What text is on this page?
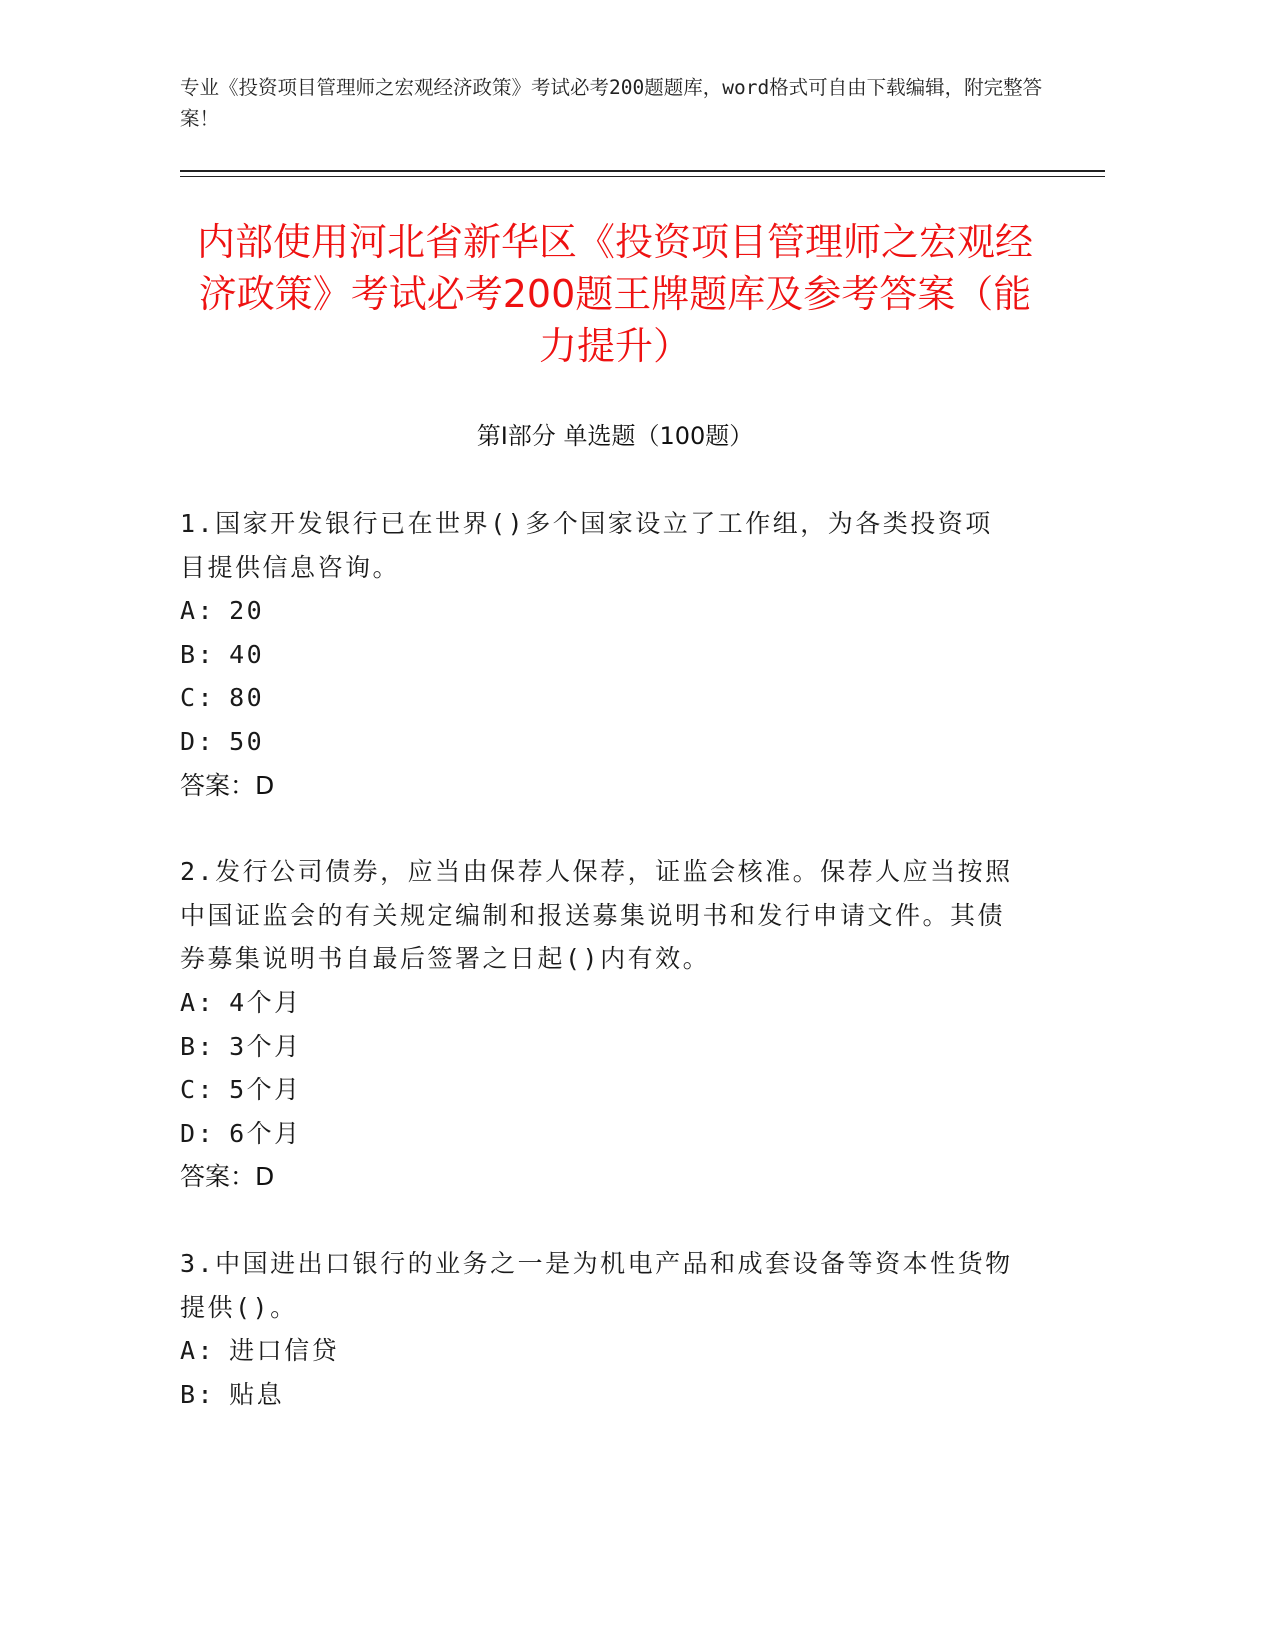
专业《投资项目管理师之宏观经济政策》考试必考200题题库，word格式可自由下载编辑，附完整答案！
内部使用河北省新华区《投资项目管理师之宏观经济政策》考试必考200题王牌题库及参考答案（能力提升）
第Ⅰ部分 单选题（100题）
1.国家开发银行已在世界()多个国家设立了工作组，为各类投资项目提供信息咨询。
A: 20
B: 40
C: 80
D: 50
答案：D
2.发行公司债券，应当由保荐人保荐，证监会核准。保荐人应当按照中国证监会的有关规定编制和报送募集说明书和发行申请文件。其债券募集说明书自最后签署之日起()内有效。
A: 4个月
B: 3个月
C: 5个月
D: 6个月
答案：D
3.中国进出口银行的业务之一是为机电产品和成套设备等资本性货物提供()。
A: 进口信贷
B: 贴息
